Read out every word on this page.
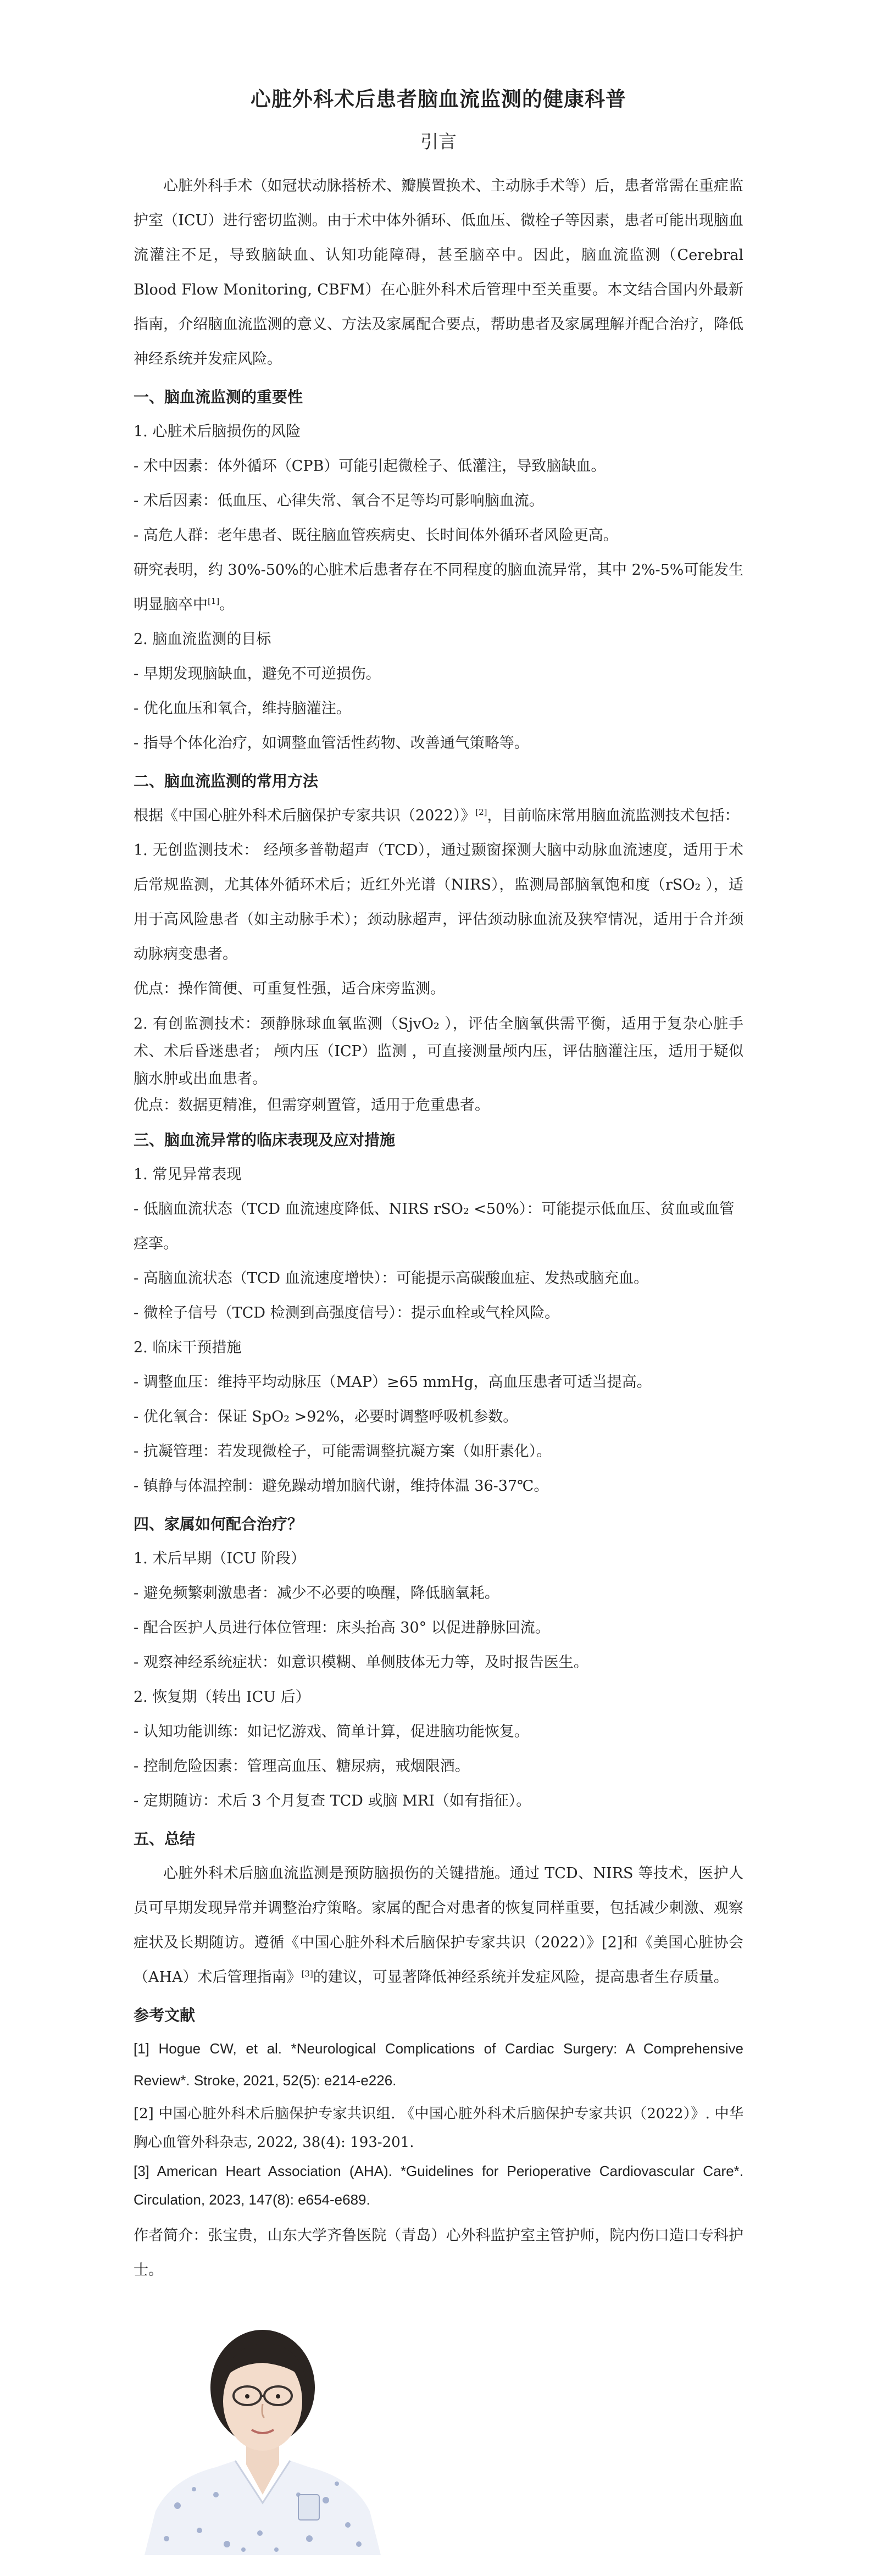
心脏外科术后患者脑血流监测的健康科普
引言

心脏外科手术（如冠状动脉搭桥术、瓣膜置换术、主动脉手术等）后，患者常需在重症监护室（ICU）进行密切监测。由于术中体外循环、低血压、微栓子等因素，患者可能出现脑血流灌注不足，导致脑缺血、认知功能障碍，甚至脑卒中。因此，脑血流监测（Cerebral Blood Flow Monitoring, CBFM）在心脏外科术后管理中至关重要。本文结合国内外最新指南，介绍脑血流监测的意义、方法及家属配合要点，帮助患者及家属理解并配合治疗，降低神经系统并发症风险。

一、脑血流监测的重要性
1. 心脏术后脑损伤的风险
- 术中因素：体外循环（CPB）可能引起微栓子、低灌注，导致脑缺血。
- 术后因素：低血压、心律失常、氧合不足等均可影响脑血流。
- 高危人群：老年患者、既往脑血管疾病史、长时间体外循环者风险更高。

研究表明，约 30%-50%的心脏术后患者存在不同程度的脑血流异常，其中 2%-5%可能发生明显脑卒中[1]。

2. 脑血流监测的目标
- 早期发现脑缺血，避免不可逆损伤。
- 优化血压和氧合，维持脑灌注。
- 指导个体化治疗，如调整血管活性药物、改善通气策略等。
二、脑血流监测的常用方法

根据《中国心脏外科术后脑保护专家共识（2022）》[2]，目前临床常用脑血流监测技术包括：

1. 无创监测技术： 经颅多普勒超声（TCD），通过颞窗探测大脑中动脉血流速度，适用于术后常规监测，尤其体外循环术后；近红外光谱（NIRS），监测局部脑氧饱和度（rSO₂ ），适用于高风险患者（如主动脉手术）；颈动脉超声，评估颈动脉血流及狭窄情况，适用于合并颈动脉病变患者。

优点：操作简便、可重复性强，适合床旁监测。

2. 有创监测技术：颈静脉球血氧监测（SjvO₂ ），评估全脑氧供需平衡，适用于复杂心脏手术、术后昏迷患者； 颅内压（ICP）监测 ，可直接测量颅内压，评估脑灌注压，适用于疑似脑水肿或出血患者。

优点：数据更精准，但需穿刺置管，适用于危重患者。

三、脑血流异常的临床表现及应对措施
1. 常见异常表现
- 低脑血流状态（TCD 血流速度降低、NIRS rSO₂ <50%）：可能提示低血压、贫血或血管痉挛。
- 高脑血流状态（TCD 血流速度增快）：可能提示高碳酸血症、发热或脑充血。
- 微栓子信号（TCD 检测到高强度信号）：提示血栓或气栓风险。
2. 临床干预措施
- 调整血压：维持平均动脉压（MAP）≥65 mmHg，高血压患者可适当提高。
- 优化氧合：保证 SpO₂ >92%，必要时调整呼吸机参数。
- 抗凝管理：若发现微栓子，可能需调整抗凝方案（如肝素化）。
- 镇静与体温控制：避免躁动增加脑代谢，维持体温 36-37℃。
四、家属如何配合治疗？
1. 术后早期（ICU 阶段）
- 避免频繁刺激患者：减少不必要的唤醒，降低脑氧耗。
- 配合医护人员进行体位管理：床头抬高 30° 以促进静脉回流。
- 观察神经系统症状：如意识模糊、单侧肢体无力等，及时报告医生。
2. 恢复期（转出 ICU 后）
- 认知功能训练：如记忆游戏、简单计算，促进脑功能恢复。
- 控制危险因素：管理高血压、糖尿病，戒烟限酒。
- 定期随访：术后 3 个月复查 TCD 或脑 MRI（如有指征）。
五、总结

心脏外科术后脑血流监测是预防脑损伤的关键措施。通过 TCD、NIRS 等技术，医护人员可早期发现异常并调整治疗策略。家属的配合对患者的恢复同样重要，包括减少刺激、观察症状及长期随访。遵循《中国心脏外科术后脑保护专家共识（2022）》[2]和《美国心脏协会（AHA）术后管理指南》[3]的建议，可显著降低神经系统并发症风险，提高患者生存质量。

参考文献

[1] Hogue CW, et al. *Neurological Complications of Cardiac Surgery: A Comprehensive Review*. Stroke, 2021, 52(5): e214-e226.

[2] 中国心脏外科术后脑保护专家共识组. 《中国心脏外科术后脑保护专家共识（2022）》. 中华胸心血管外科杂志, 2022, 38(4): 193-201.

[3] American Heart Association (AHA). *Guidelines for Perioperative Cardiovascular Care*. Circulation, 2023, 147(8): e654-e689.

作者简介：张宝贵，山东大学齐鲁医院（青岛）心外科监护室主管护师，院内伤口造口专科护士。
